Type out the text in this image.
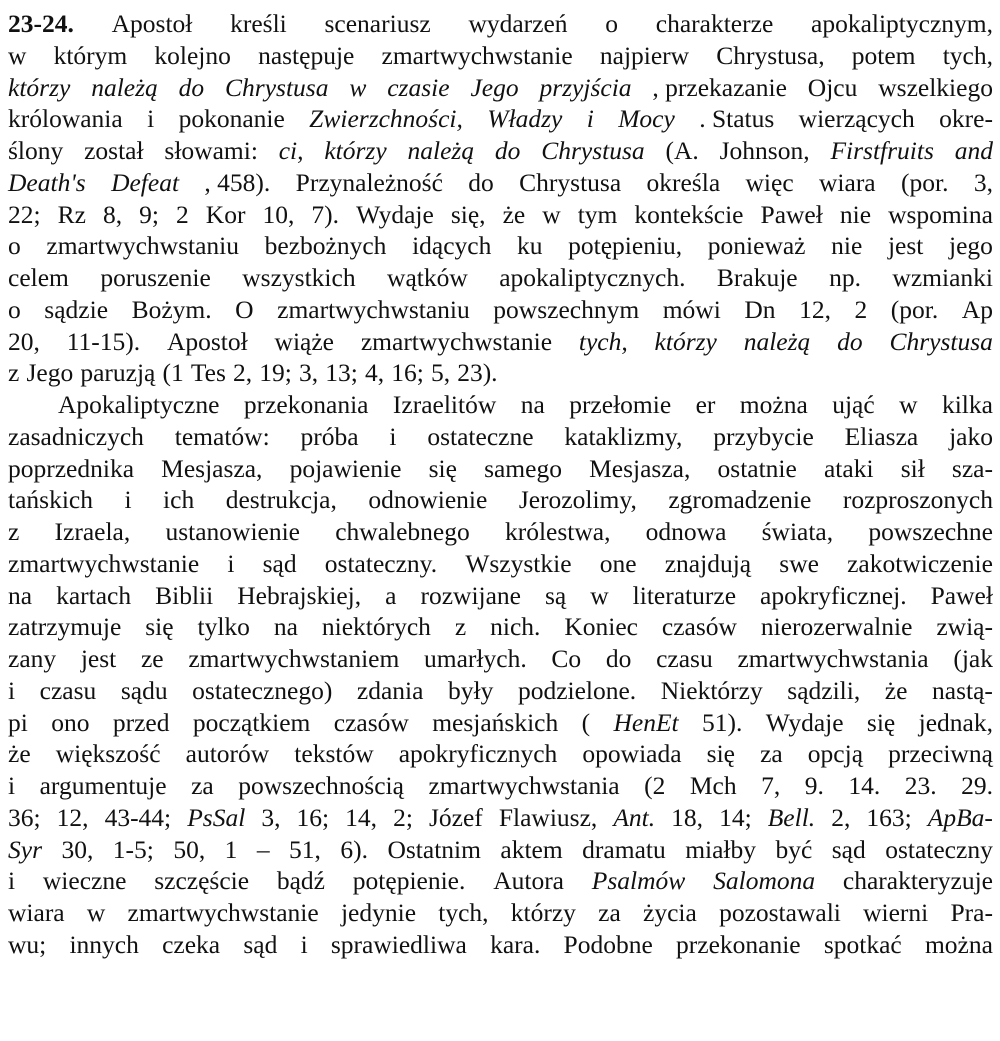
23-24. Apostoł kreśli scenariusz wydarzeń o charakterze apokaliptycznym,
w którym kolejno następuje zmartwychwstanie najpierw Chrystusa, potem tych,
którzy należą do Chrystusa w czasie Jego przyjścia , przekazanie Ojcu wszelkiego
królowania i pokonanie Zwierzchności, Władzy i Mocy . Status wierzących okre-
ślony został słowami: ci, którzy należą do Chrystusa (A. Johnson, Firstfruits and
Death's Defeat , 458). Przynależność do Chrystusa określa więc wiara (por. 3,
22; Rz 8, 9; 2 Kor 10, 7). Wydaje się, że w tym kontekście Paweł nie wspomina
o zmartwychwstaniu bezbożnych idących ku potępieniu, ponieważ nie jest jego
celem poruszenie wszystkich wątków apokaliptycznych. Brakuje np. wzmianki
o sądzie Bożym. O zmartwychwstaniu powszechnym mówi Dn 12, 2 (por. Ap
20, 11-15). Apostoł wiąże zmartwychwstanie tych, którzy należą do Chrystusa
z Jego paruzją (1 Tes 2, 19; 3, 13; 4, 16; 5, 23).
Apokaliptyczne przekonania Izraelitów na przełomie er można ująć w kilka
zasadniczych tematów: próba i ostateczne kataklizmy, przybycie Eliasza jako
poprzednika Mesjasza, pojawienie się samego Mesjasza, ostatnie ataki sił sza-
tańskich i ich destrukcja, odnowienie Jerozolimy, zgromadzenie rozproszonych
z Izraela, ustanowienie chwalebnego królestwa, odnowa świata, powszechne
zmartwychwstanie i sąd ostateczny. Wszystkie one znajdują swe zakotwiczenie
na kartach Biblii Hebrajskiej, a rozwijane są w literaturze apokryficznej. Paweł
zatrzymuje się tylko na niektórych z nich. Koniec czasów nierozerwalnie zwią-
zany jest ze zmartwychwstaniem umarłych. Co do czasu zmartwychwstania (jak
i czasu sądu ostatecznego) zdania były podzielone. Niektórzy sądzili, że nastą-
pi ono przed początkiem czasów mesjańskich ( HenEt 51). Wydaje się jednak,
że większość autorów tekstów apokryficznych opowiada się za opcją przeciwną
i argumentuje za powszechnością zmartwychwstania (2 Mch 7, 9. 14. 23. 29.
36; 12, 43-44; PsSal 3, 16; 14, 2; Józef Flawiusz, Ant. 18, 14; Bell. 2, 163; ApBa-
Syr 30, 1-5; 50, 1 – 51, 6). Ostatnim aktem dramatu miałby być sąd ostateczny
i wieczne szczęście bądź potępienie. Autora Psalmów Salomona charakteryzuje
wiara w zmartwychwstanie jedynie tych, którzy za życia pozostawali wierni Pra-
wu; innych czeka sąd i sprawiedliwa kara. Podobne przekonanie spotkać można
